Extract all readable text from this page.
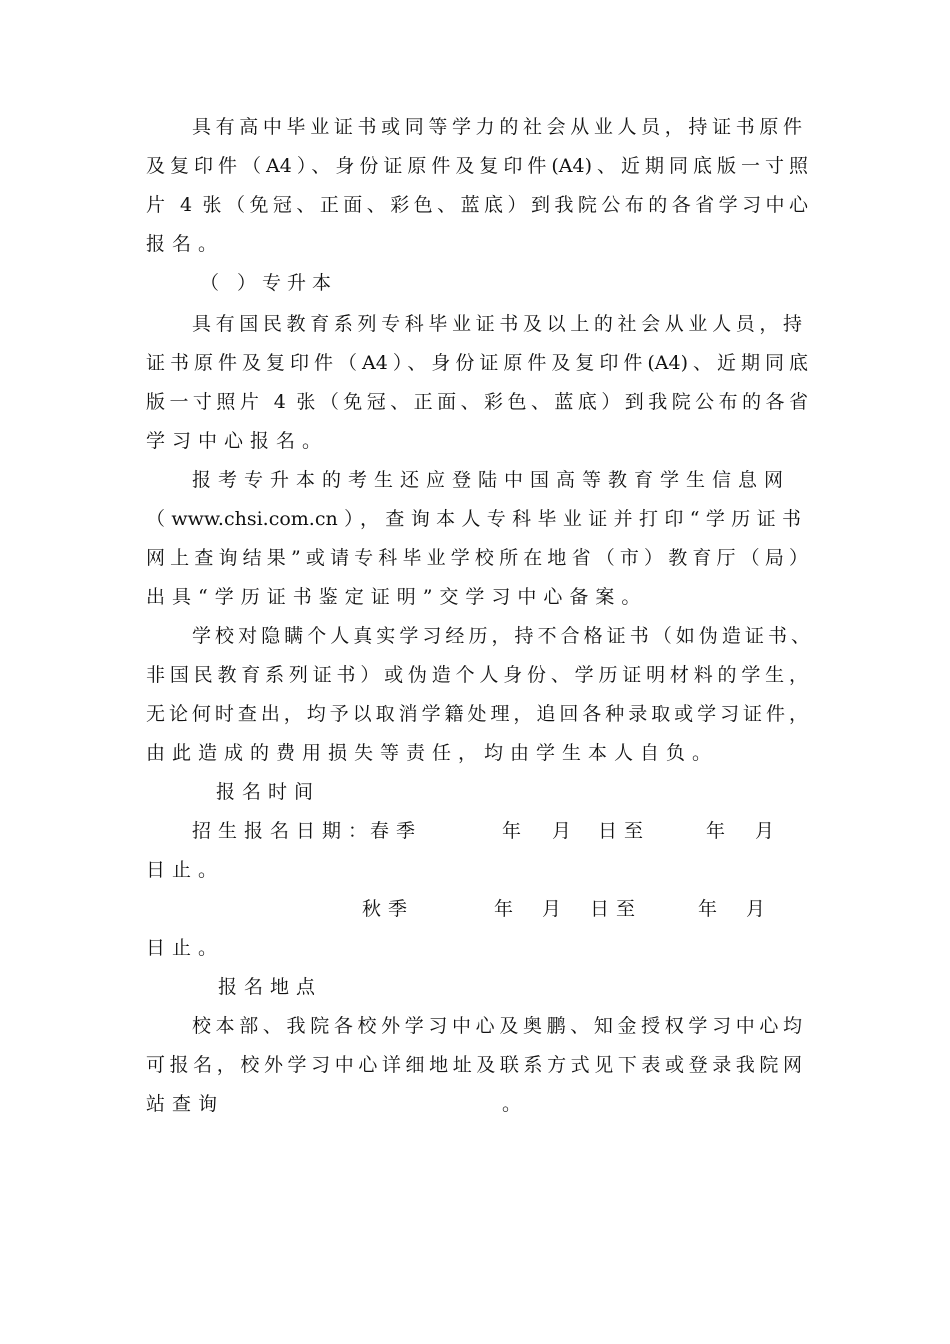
具有高中毕业证书或同等学力的社会从业人员，持证书原件
及复印件（A4）、身份证原件及复印件(A4)、近期同底版一寸照
片 4 张（免冠、正面、彩色、蓝底）到我院公布的各省学习中心
报名。
（ ）专升本
具有国民教育系列专科毕业证书及以上的社会从业人员，持
证书原件及复印件（A4）、身份证原件及复印件(A4)、近期同底
版一寸照片 4 张（免冠、正面、彩色、蓝底）到我院公布的各省
学习中心报名。
报考专升本的考生还应登陆中国高等教育学生信息网
（www.chsi.com.cn），查询本人专科毕业证并打印“学历证书
网上查询结果”或请专科毕业学校所在地省（市）教育厅（局）
出具“学历证书鉴定证明”交学习中心备案。
学校对隐瞒个人真实学习经历，持不合格证书（如伪造证书、
非国民教育系列证书）或伪造个人身份、学历证明材料的学生，
无论何时查出，均予以取消学籍处理，追回各种录取或学习证件，
由此造成的费用损失等责任，均由学生本人自负。
报名时间
招生报名日期：
春季	年 月 日至	年 月
日止。
秋季	年 月 日至	年 月
日止。
报名地点
校本部、我院各校外学习中心及奥鹏、知金授权学习中心均
可报名，校外学习中心详细地址及联系方式见下表或登录我院网
站查询	。
